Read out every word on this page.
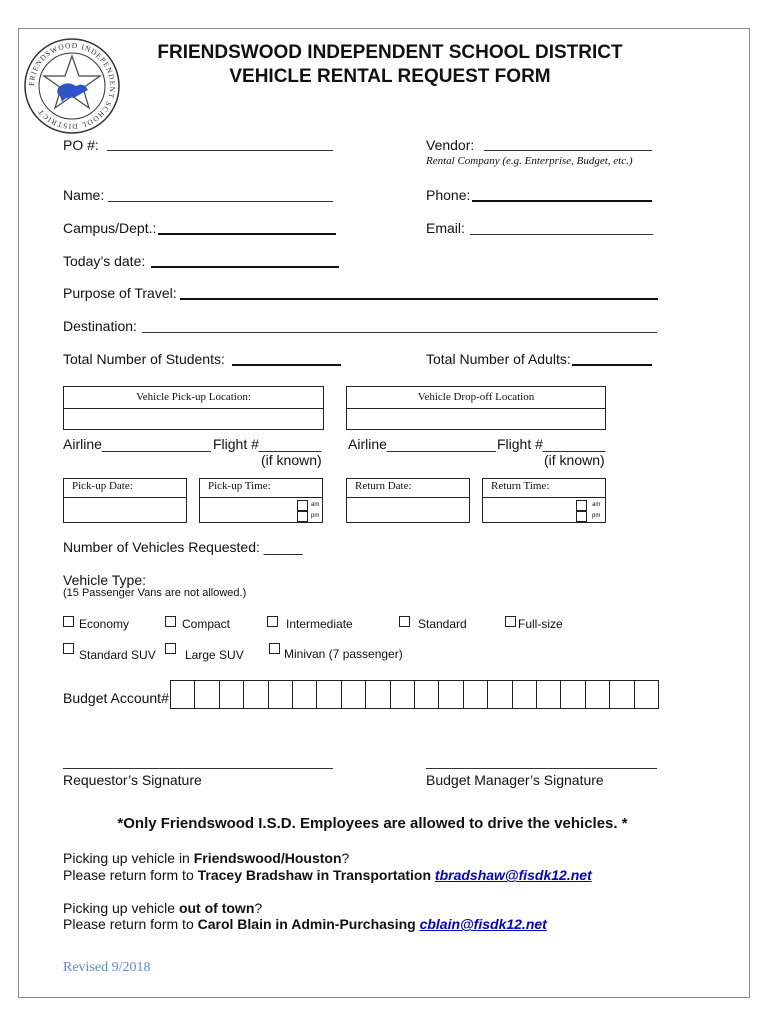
FRIENDSWOOD INDEPENDENT SCHOOL DISTRICT
FRIENDSWOOD INDEPENDENT SCHOOL DISTRICT
VEHICLE RENTAL REQUEST FORM
PO #:	Vendor:
Rental Company (e.g. Enterprise, Budget, etc.)
Name:	Phone:
Campus/Dept.:	Email:
Today’s date:
Purpose of Travel:
Destination:
Total Number of Students:	Total Number of Adults:
Vehicle Pick-up Location:	Vehicle Drop-off Location
Airline______________ Flight #________
(if known)
Airline______________ Flight #________
(if known)
Pick-up Date:	Pick-up Time:
am
pm
Return Date:	Return Time:
am
pm
Number of Vehicles Requested: _____
Vehicle Type:
(15 Passenger Vans are not allowed.)
Economy	Compact	Intermediate	Standard	Full-size
Standard SUV Large SUV	Minivan (7 passenger)
Budget Account#
Requestor’s Signature	Budget Manager’s Signature
*Only Friendswood I.S.D. Employees are allowed to drive the vehicles. *
Picking up vehicle in Friendswood/Houston?
Please return form to Tracey Bradshaw in Transportation tbradshaw@fisdk12.net
Picking up vehicle out of town?
Please return form to Carol Blain in Admin-Purchasing cblain@fisdk12.net
Revised 9/2018
